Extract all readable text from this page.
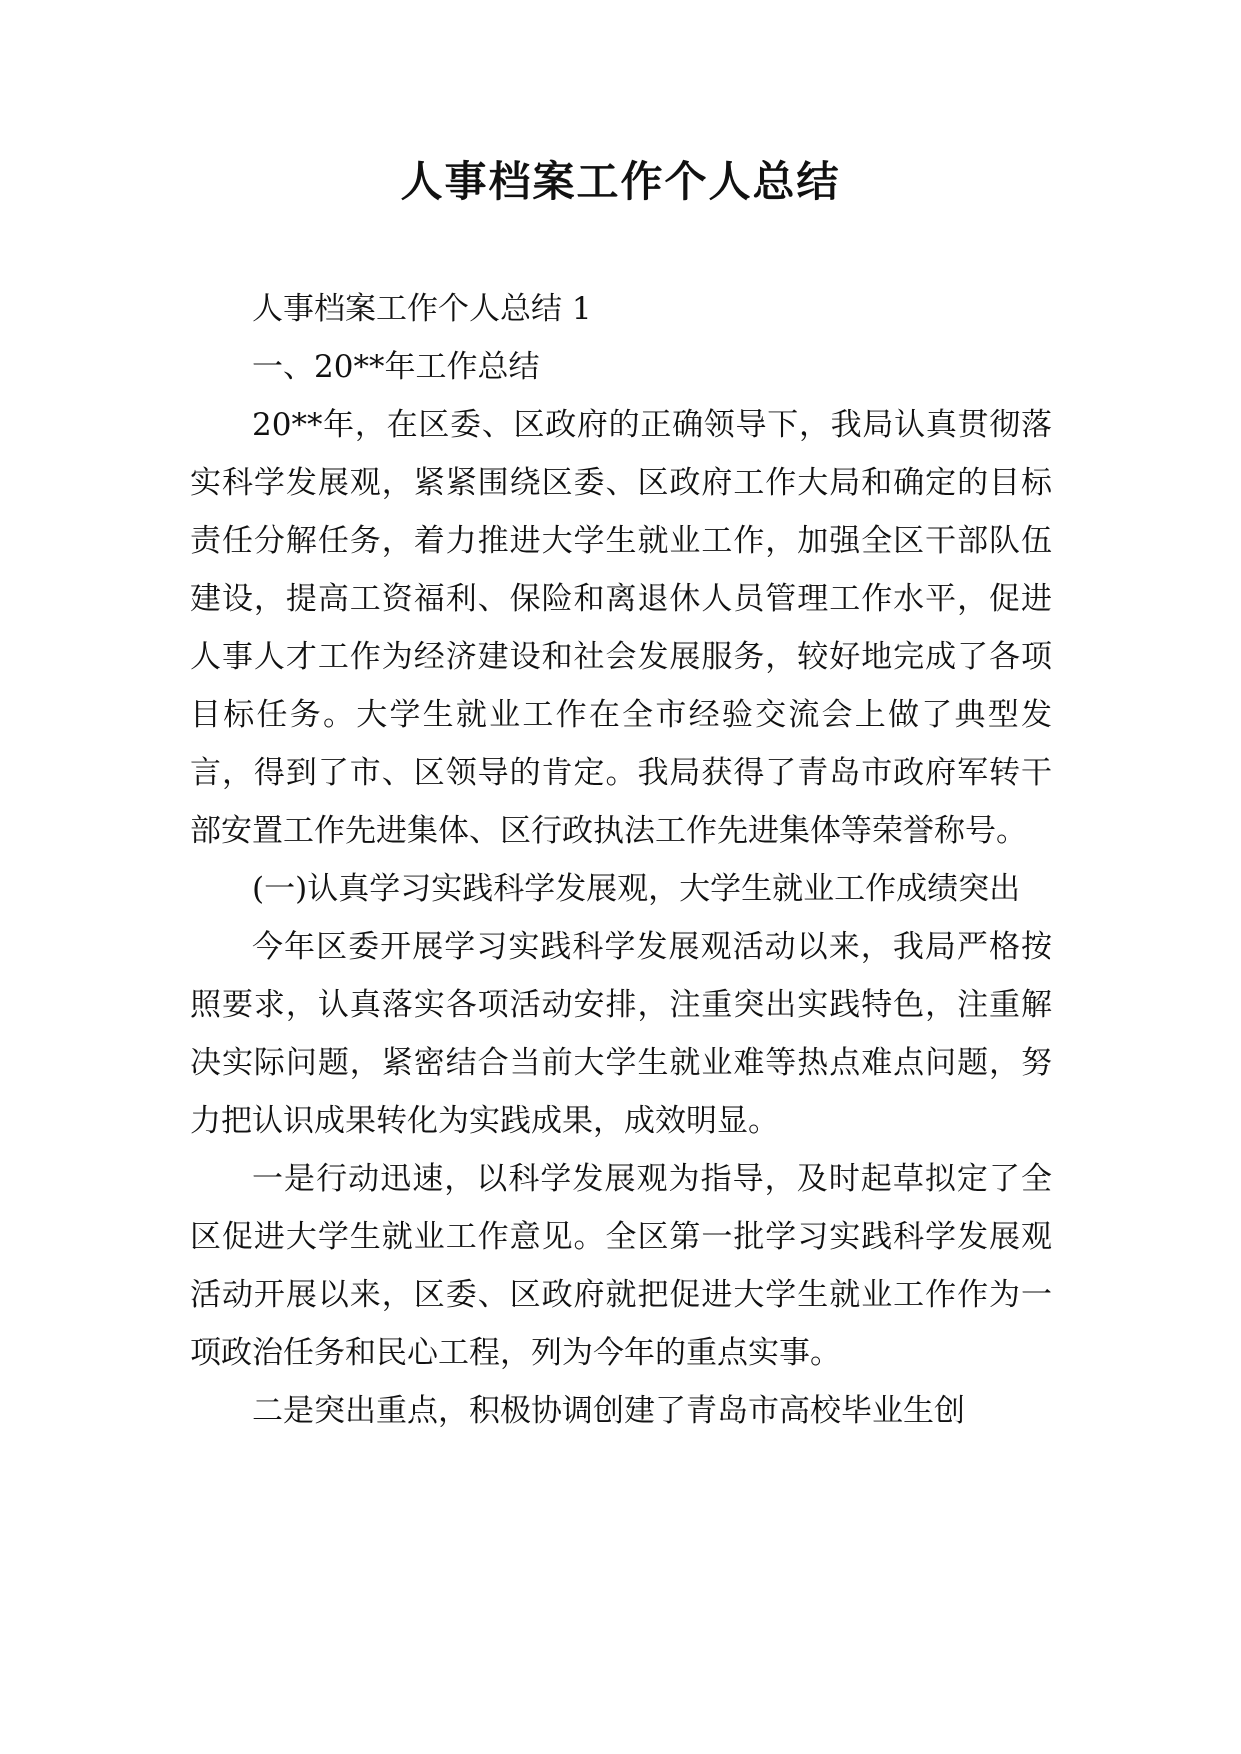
人事档案工作个人总结

人事档案工作个人总结 1

一、20**年工作总结

20**年，在区委、区政府的正确领导下，我局认真贯彻落实科学发展观，紧紧围绕区委、区政府工作大局和确定的目标责任分解任务，着力推进大学生就业工作，加强全区干部队伍建设，提高工资福利、保险和离退休人员管理工作水平，促进人事人才工作为经济建设和社会发展服务，较好地完成了各项目标任务。大学生就业工作在全市经验交流会上做了典型发言，得到了市、区领导的肯定。我局获得了青岛市政府军转干部安置工作先进集体、区行政执法工作先进集体等荣誉称号。

(一)认真学习实践科学发展观，大学生就业工作成绩突出

今年区委开展学习实践科学发展观活动以来，我局严格按照要求，认真落实各项活动安排，注重突出实践特色，注重解决实际问题，紧密结合当前大学生就业难等热点难点问题，努力把认识成果转化为实践成果，成效明显。

一是行动迅速，以科学发展观为指导，及时起草拟定了全区促进大学生就业工作意见。全区第一批学习实践科学发展观活动开展以来，区委、区政府就把促进大学生就业工作作为一项政治任务和民心工程，列为今年的重点实事。

二是突出重点，积极协调创建了青岛市高校毕业生创
